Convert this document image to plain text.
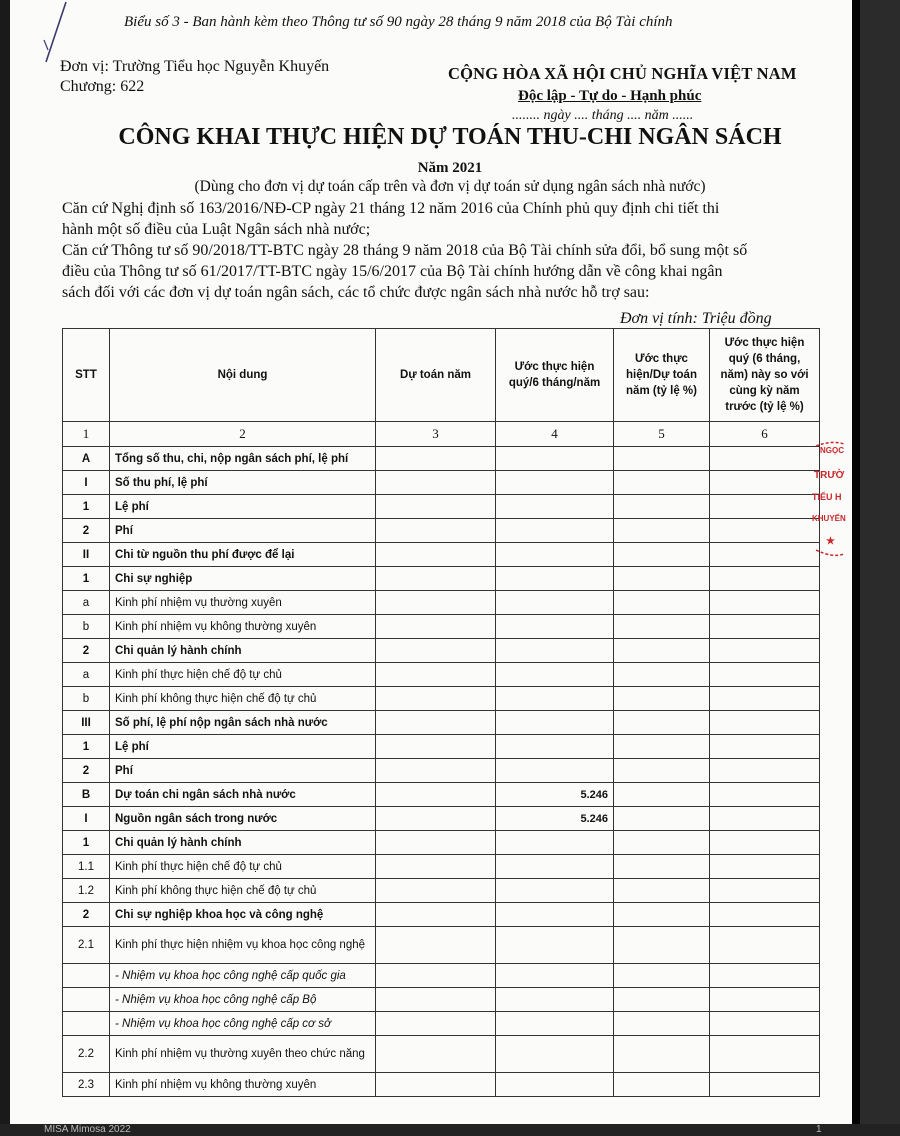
Biểu số 3 - Ban hành kèm theo Thông tư số 90 ngày 28 tháng 9 năm 2018 của Bộ Tài chính
Đơn vị: Trường Tiểu học Nguyễn Khuyến
Chương: 622
CỘNG HÒA XÃ HỘI CHỦ NGHĨA VIỆT NAM
Độc lập - Tự do - Hạnh phúc
........ ngày .... tháng .... năm ......
CÔNG KHAI THỰC HIỆN DỰ TOÁN THU-CHI NGÂN SÁCH
Năm 2021
(Dùng cho đơn vị dự toán cấp trên và đơn vị dự toán sử dụng ngân sách nhà nước)
Căn cứ Nghị định số 163/2016/NĐ-CP ngày 21 tháng 12 năm 2016 của Chính phủ quy định chi tiết thi
hành một số điều của Luật Ngân sách nhà nước;
Căn cứ Thông tư số 90/2018/TT-BTC ngày 28 tháng 9 năm 2018 của Bộ Tài chính sửa đổi, bổ sung một số
điều của Thông tư số 61/2017/TT-BTC ngày 15/6/2017 của Bộ Tài chính hướng dẫn về công khai ngân
sách đối với các đơn vị dự toán ngân sách, các tổ chức được ngân sách nhà nước hỗ trợ sau:
Đơn vị tính: Triệu đồng
STT	Nội dung	Dự toán năm	Ước thực hiện quý/6 tháng/năm	Ước thực hiện/Dự toán năm (tỷ lệ %)	Ước thực hiện quý (6 tháng, năm) này so với cùng kỳ năm trước (tỷ lệ %)
1	2	3	4	5	6
A	Tổng số thu, chi, nộp ngân sách phí, lệ phí				
I	Số thu phí, lệ phí				
1	Lệ phí				
2	Phí				
II	Chi từ nguồn thu phí được để lại				
1	Chi sự nghiệp				
a	Kinh phí nhiệm vụ thường xuyên				
b	Kinh phí nhiệm vụ không thường xuyên				
2	Chi quản lý hành chính				
a	Kinh phí thực hiện chế độ tự chủ				
b	Kinh phí không thực hiện chế độ tự chủ				
III	Số phí, lệ phí nộp ngân sách nhà nước				
1	Lệ phí				
2	Phí				
B	Dự toán chi ngân sách nhà nước		5.246		
I	Nguồn ngân sách trong nước		5.246		
1	Chi quản lý hành chính				
1.1	Kinh phí thực hiện chế độ tự chủ				
1.2	Kinh phí không thực hiện chế độ tự chủ				
2	Chi sự nghiệp khoa học và công nghệ				
2.1	Kinh phí thực hiện nhiệm vụ khoa học công nghệ				
	- Nhiệm vụ khoa học công nghệ cấp quốc gia				
	- Nhiệm vụ khoa học công nghệ cấp Bộ				
	- Nhiệm vụ khoa học công nghệ cấp cơ sở				
2.2	Kinh phí nhiệm vụ thường xuyên theo chức năng				
2.3	Kinh phí nhiệm vụ không thường xuyên				
NGỌC
TRƯỜ
TIỂU H
KHUYẾN
★
MISA Mimosa 2022	1
